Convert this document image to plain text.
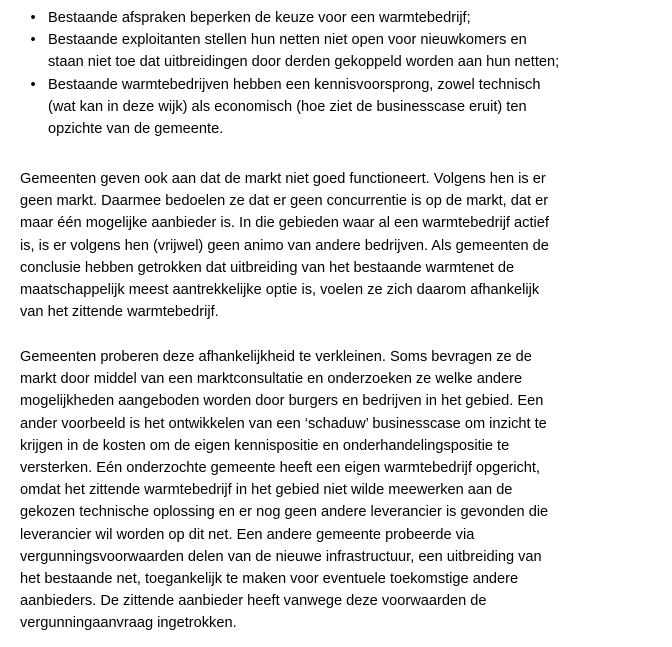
• Bestaande afspraken beperken de keuze voor een warmtebedrijf;
• Bestaande exploitanten stellen hun netten niet open voor nieuwkomers en
staan niet toe dat uitbreidingen door derden gekoppeld worden aan hun netten;
• Bestaande warmtebedrijven hebben een kennisvoorsprong, zowel technisch
(wat kan in deze wijk) als economisch (hoe ziet de businesscase eruit) ten
opzichte van de gemeente.

Gemeenten geven ook aan dat de markt niet goed functioneert. Volgens hen is er
geen markt. Daarmee bedoelen ze dat er geen concurrentie is op de markt, dat er
maar één mogelijke aanbieder is. In die gebieden waar al een warmtebedrijf actief
is, is er volgens hen (vrijwel) geen animo van andere bedrijven. Als gemeenten de
conclusie hebben getrokken dat uitbreiding van het bestaande warmtenet de
maatschappelijk meest aantrekkelijke optie is, voelen ze zich daarom afhankelijk
van het zittende warmtebedrijf.

Gemeenten proberen deze afhankelijkheid te verkleinen. Soms bevragen ze de
markt door middel van een marktconsultatie en onderzoeken ze welke andere
mogelijkheden aangeboden worden door burgers en bedrijven in het gebied. Een
ander voorbeeld is het ontwikkelen van een ‘schaduw’ businesscase om inzicht te
krijgen in de kosten om de eigen kennispositie en onderhandelingspositie te
versterken. Eén onderzochte gemeente heeft een eigen warmtebedrijf opgericht,
omdat het zittende warmtebedrijf in het gebied niet wilde meewerken aan de
gekozen technische oplossing en er nog geen andere leverancier is gevonden die
leverancier wil worden op dit net. Een andere gemeente probeerde via
vergunningsvoorwaarden delen van de nieuwe infrastructuur, een uitbreiding van
het bestaande net, toegankelijk te maken voor eventuele toekomstige andere
aanbieders. De zittende aanbieder heeft vanwege deze voorwaarden de
vergunningaanvraag ingetrokken.
